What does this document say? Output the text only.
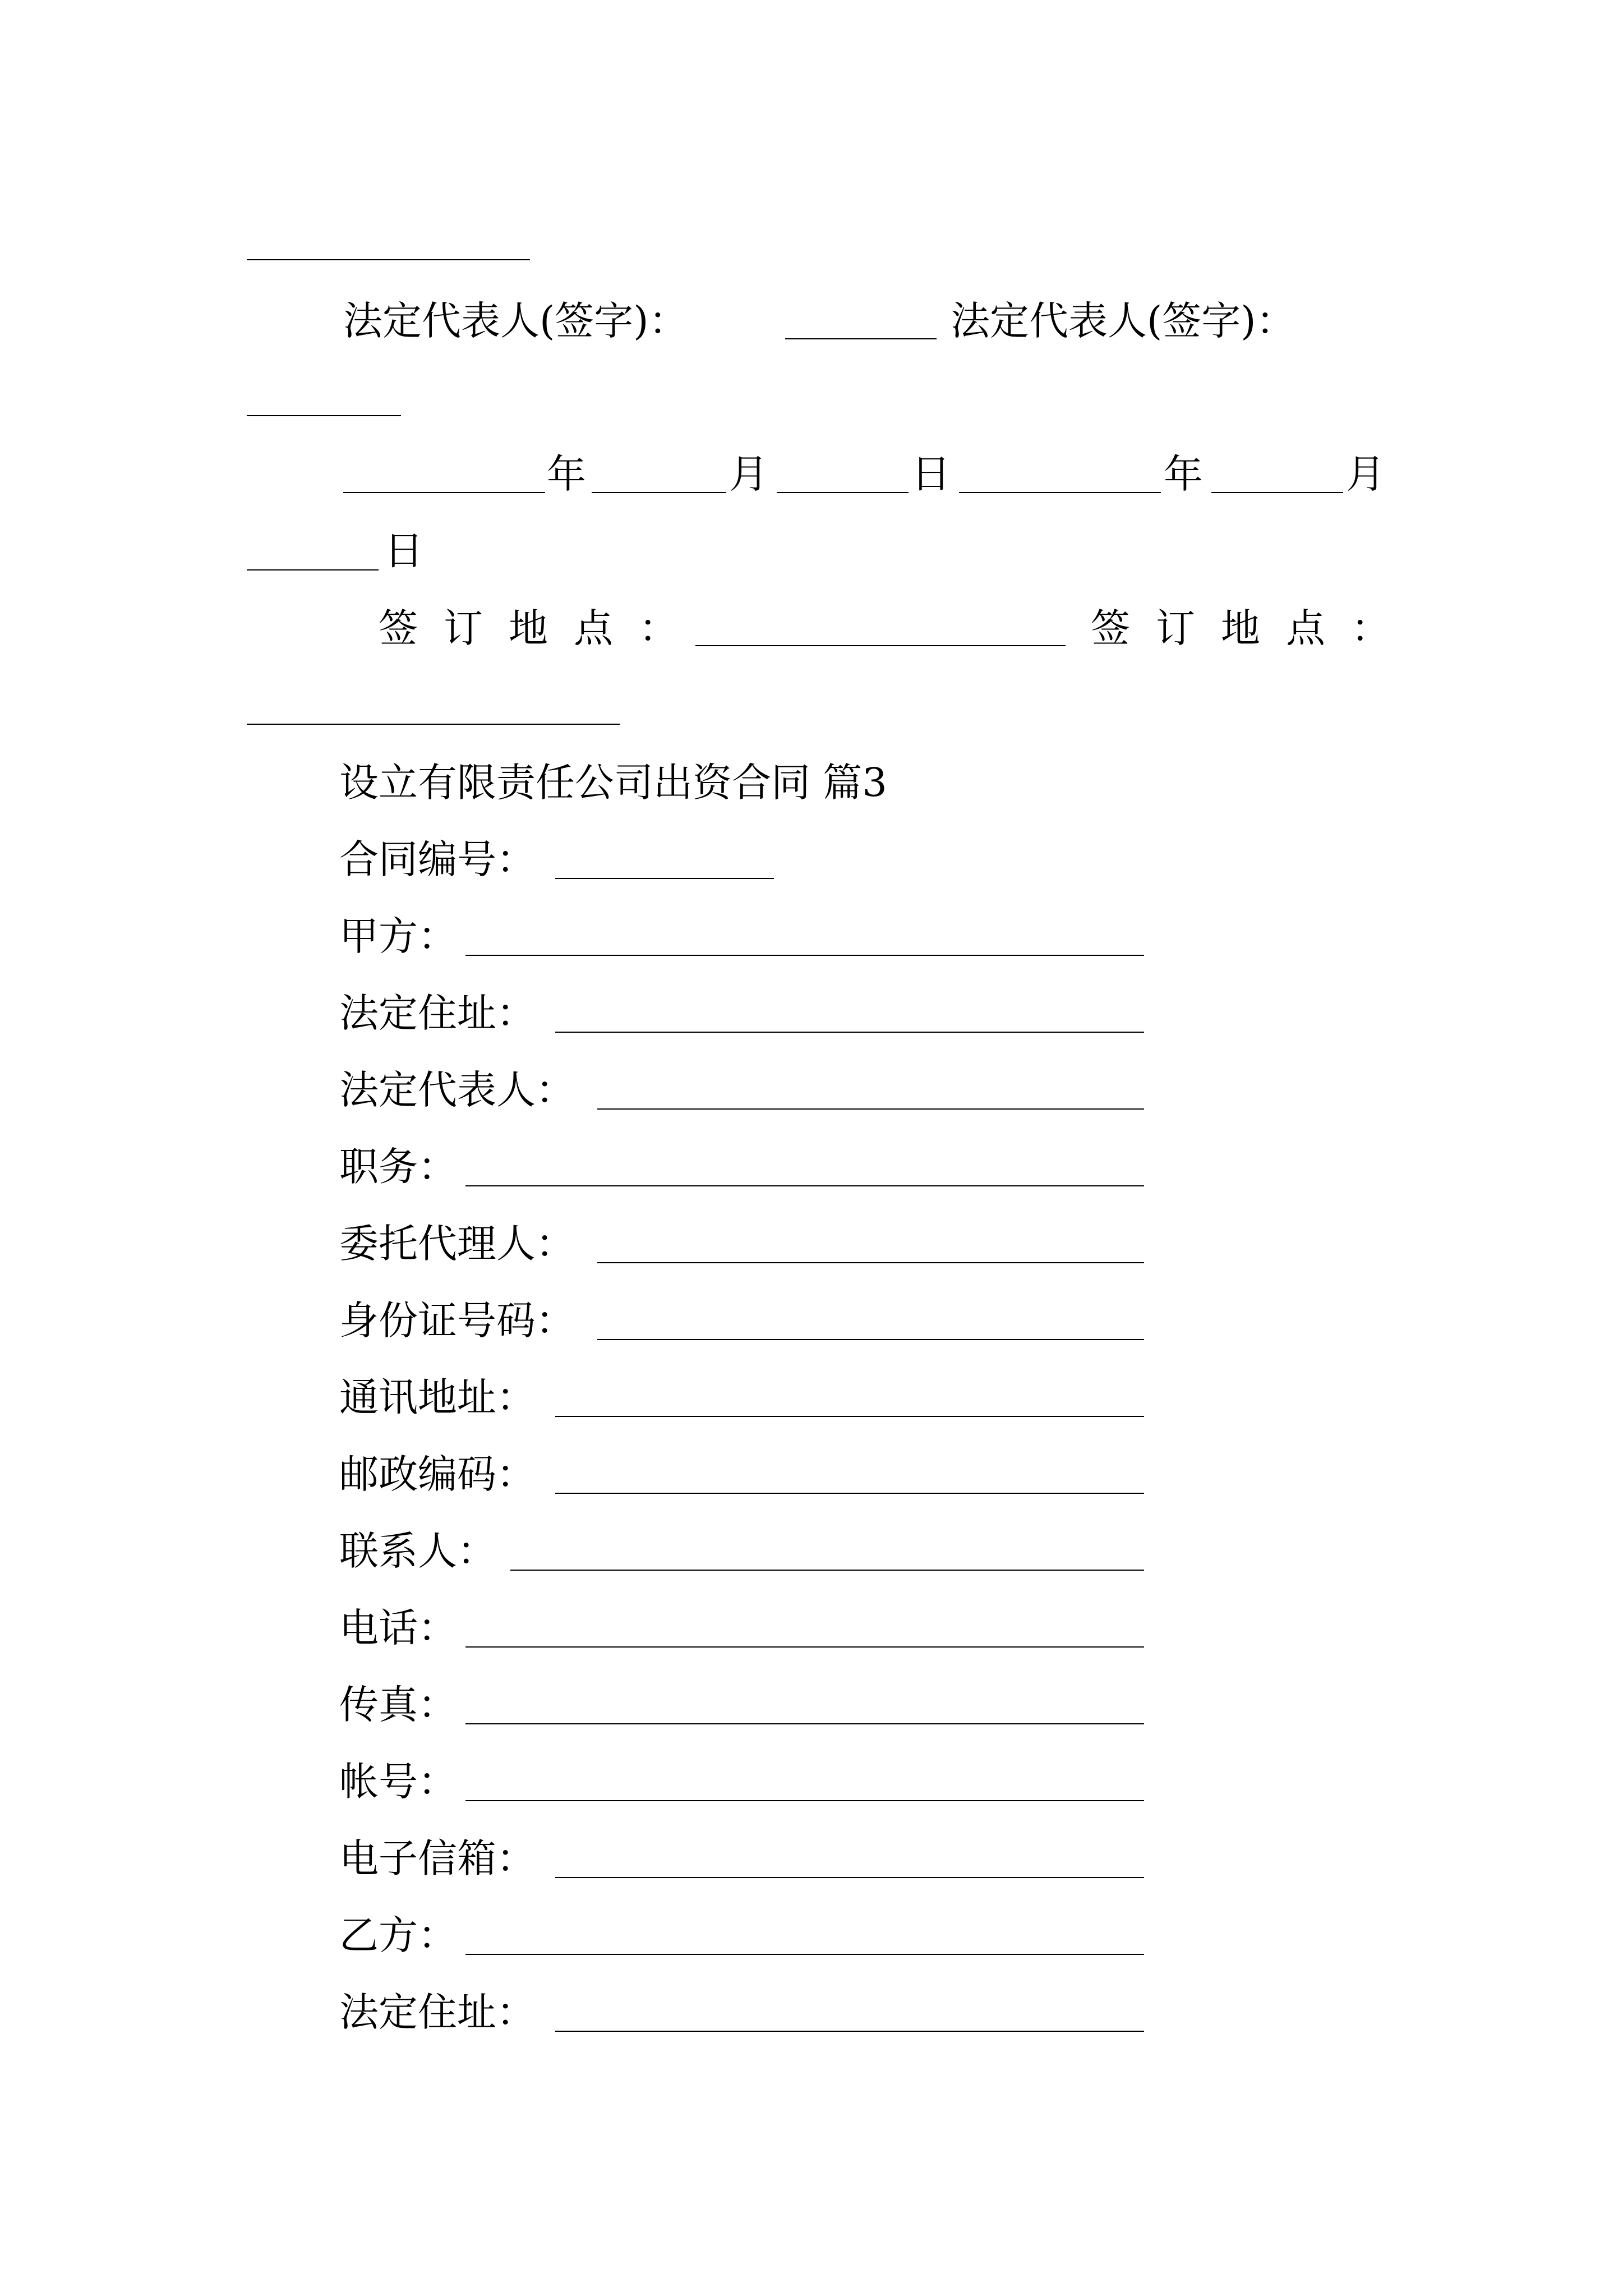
法定代表人(签字)：	法定代表人(签字)：
年	月	日	年	月
日
签订地点：	签订地点：
设立有限责任公司出资合同 篇3
合同编号：
甲方：
法定住址：
法定代表人：
职务：
委托代理人：
身份证号码：
通讯地址：
邮政编码：
联系人：
电话：
传真：
帐号：
电子信箱：
乙方：
法定住址：
